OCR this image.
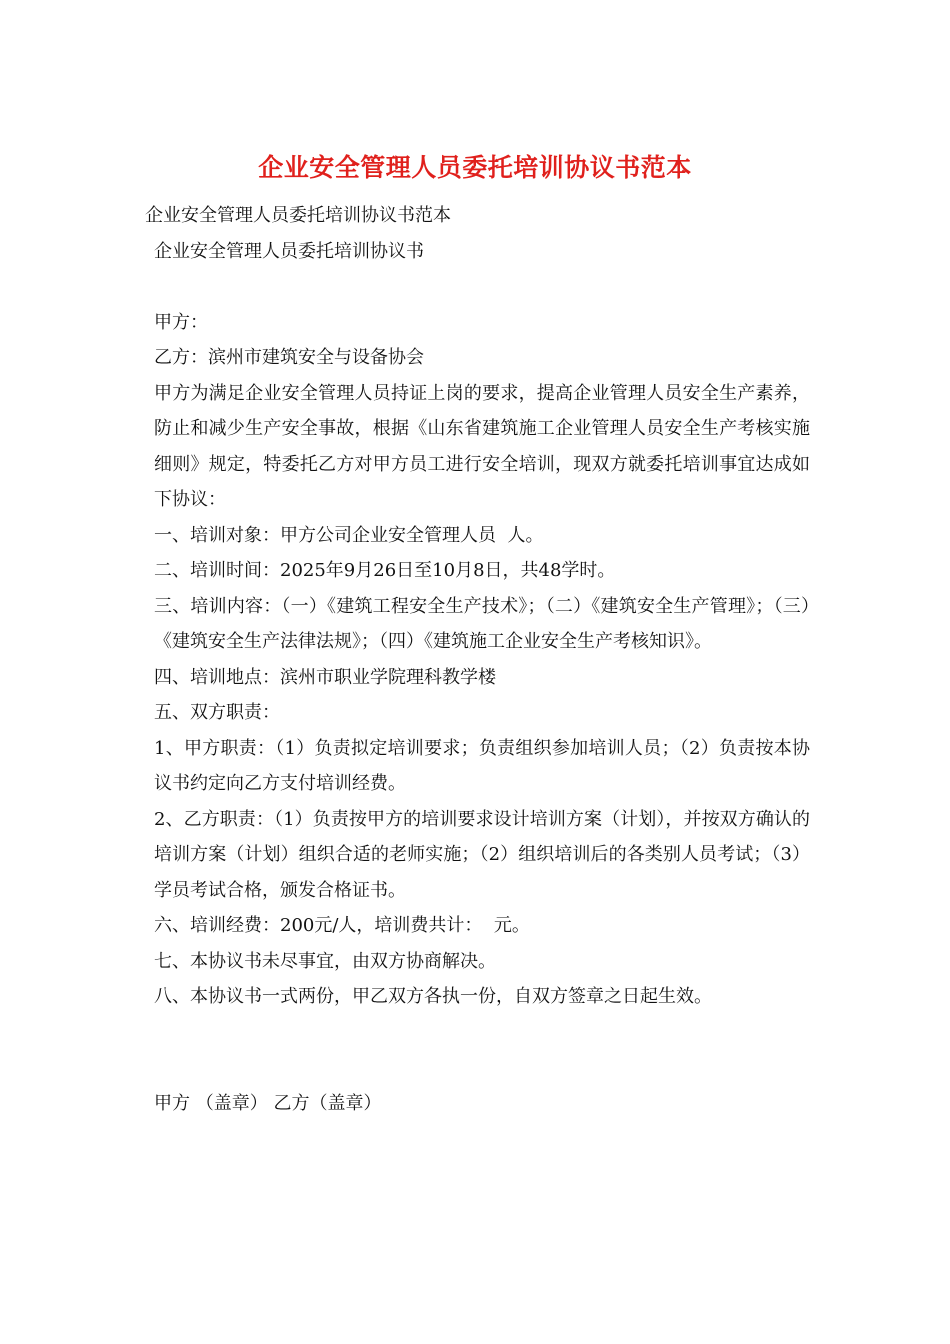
企业安全管理人员委托培训协议书范本
企业安全管理人员委托培训协议书范本
企业安全管理人员委托培训协议书
甲方：
乙方：滨州市建筑安全与设备协会
甲方为满足企业安全管理人员持证上岗的要求，提高企业管理人员安全生产素养，防止和减少生产安全事故，根据《山东省建筑施工企业管理人员安全生产考核实施细则》规定，特委托乙方对甲方员工进行安全培训，现双方就委托培训事宜达成如下协议：
一、培训对象：甲方公司企业安全管理人员  人。
二、培训时间：2025年9月26日至10月8日，共48学时。
三、培训内容：（一）《建筑工程安全生产技术》；（二）《建筑安全生产管理》；（三）《建筑安全生产法律法规》；（四）《建筑施工企业安全生产考核知识》。
四、培训地点：滨州市职业学院理科教学楼
五、双方职责：
1、甲方职责：（1）负责拟定培训要求；负责组织参加培训人员；（2）负责按本协议书约定向乙方支付培训经费。
2、乙方职责：（1）负责按甲方的培训要求设计培训方案（计划），并按双方确认的培训方案（计划）组织合适的老师实施；（2）组织培训后的各类别人员考试；（3）学员考试合格，颁发合格证书。
六、培训经费：200元/人，培训费共计：  元。
七、本协议书未尽事宜，由双方协商解决。
八、本协议书一式两份，甲乙双方各执一份，自双方签章之日起生效。
甲方 （盖章） 乙方（盖章）
